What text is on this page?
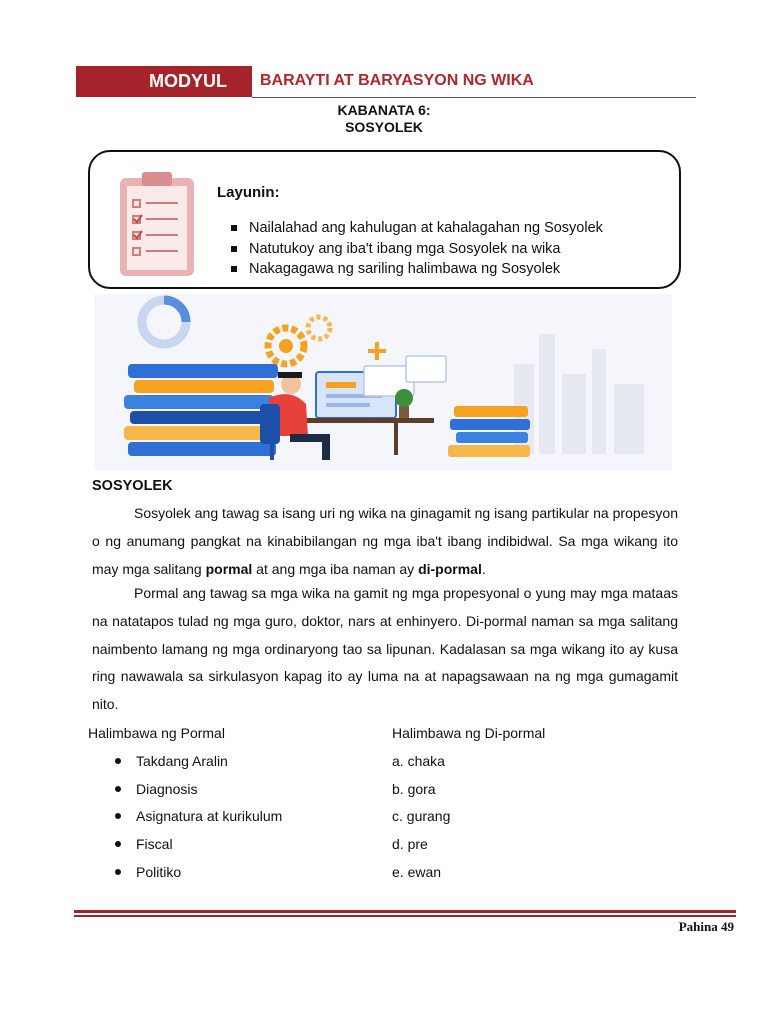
MODYUL	BARAYTI AT BARYASYON NG WIKA
KABANATA 6:
SOSYOLEK
Layunin:
Nailalahad ang kahulugan at kahalagahan ng Sosyolek
Natutukoy ang iba't ibang mga Sosyolek na wika
Nakagagawa ng sariling halimbawa ng Sosyolek
SOSYOLEK

Sosyolek ang tawag sa isang uri ng wika na ginagamit ng isang partikular na propesyon o ng anumang pangkat na kinabibilangan ng mga iba't ibang indibidwal. Sa mga wikang ito may mga salitang pormal at ang mga iba naman ay di-pormal.

Pormal ang tawag sa mga wika na gamit ng mga propesyonal o yung may mga mataas na natatapos tulad ng mga guro, doktor, nars at enhinyero. Di-pormal naman sa mga salitang naimbento lamang ng mga ordinaryong tao sa lipunan. Kadalasan sa mga wikang ito ay kusa ring nawawala sa sirkulasyon kapag ito ay luma na at napagsawaan na ng mga gumagamit nito.

Halimbawa ng Pormal
Takdang Aralin
Diagnosis
Asignatura at kurikulum
Fiscal
Politiko
Halimbawa ng Di-pormal
a. chaka
b. gora
c. gurang
d. pre
e. ewan
Pahina 49
